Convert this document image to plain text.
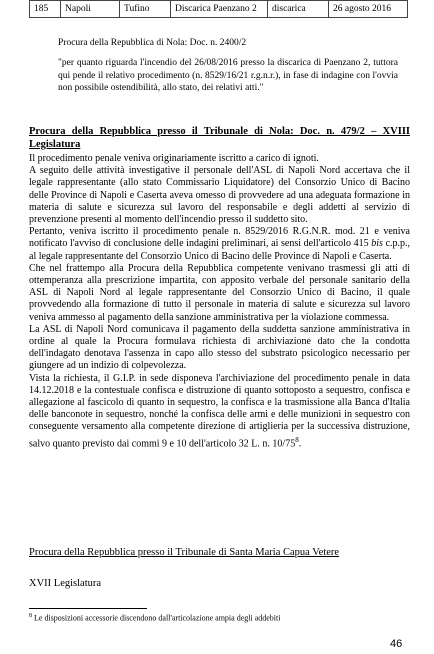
185	Napoli	Tufino	Discarica Paenzano 2	discarica	26 agosto 2016
Procura della Repubblica di Nola: Doc. n. 2400/2
"per quanto riguarda l'incendio del 26/08/2016 presso la discarica di Paenzano 2, tuttora qui pende il relativo procedimento (n. 8529/16/21 r.g.n.r.), in fase di indagine con l'ovvia non possibile ostendibilità, allo stato, dei relativi atti."
Procura della Repubblica presso il Tribunale di Nola: Doc. n. 479/2 – XVIII Legislatura

Il procedimento penale veniva originariamente iscritto a carico di ignoti.

A seguito delle attività investigative il personale dell'ASL di Napoli Nord accertava che il legale rappresentante (allo stato Commissario Liquidatore) del Consorzio Unico di Bacino delle Province di Napoli e Caserta aveva omesso di provvedere ad una adeguata formazione in materia di salute e sicurezza sul lavoro del responsabile e degli addetti al servizio di prevenzione presenti al momento dell'incendio presso il suddetto sito.

Pertanto, veniva iscritto il procedimento penale n. 8529/2016 R.G.N.R. mod. 21 e veniva notificato l'avviso di conclusione delle indagini preliminari, ai sensi dell'articolo 415 bis c.p.p., al legale rappresentante del Consorzio Unico di Bacino delle Province di Napoli e Caserta.

Che nel frattempo alla Procura della Repubblica competente venivano trasmessi gli atti di ottemperanza alla prescrizione impartita, con apposito verbale del personale sanitario della ASL di Napoli Nord al legale rappresentante del Consorzio Unico di Bacino, il quale provvedendo alla formazione di tutto il personale in materia di salute e sicurezza sul lavoro veniva ammesso al pagamento della sanzione amministrativa per la violazione commessa.

La ASL di Napoli Nord comunicava il pagamento della suddetta sanzione amministrativa in ordine al quale la Procura formulava richiesta di archiviazione dato che la condotta dell'indagato denotava l'assenza in capo allo stesso del substrato psicologico necessario per giungere ad un indizio di colpevolezza.

Vista la richiesta, il G.I.P. in sede disponeva l'archiviazione del procedimento penale in data 14.12.2018 e la contestuale confisca e distruzione di quanto sottoposto a sequestro, confisca e allegazione al fascicolo di quanto in sequestro, la confisca e la trasmissione alla Banca d'Italia delle banconote in sequestro, nonché la confisca delle armi e delle munizioni in sequestro con conseguente versamento alla competente direzione di artiglieria per la successiva distruzione, salvo quanto previsto dai commi 9 e 10 dell'articolo 32 L. n. $10/75^8$.

Procura della Repubblica presso il Tribunale di Santa Maria Capua Vetere
XVII Legislatura
$^8$ Le disposizioni accessorie discendono dall'articolazione ampia degli addebiti
46
